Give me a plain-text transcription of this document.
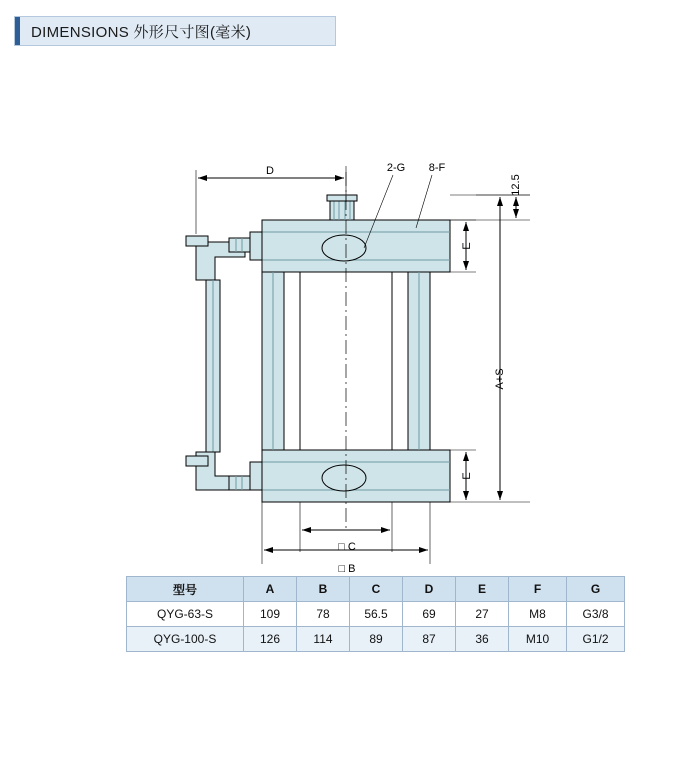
DIMENSIONS 外形尺寸图(毫米)
D	2-G 8-F
12.5
E
E
A+S
□ C
□ B
型号	A	B	C	D	E	F	G
QYG-63-S	109	78	56.5	69	27	M8	G3/8
QYG-100-S	126	114	89	87	36	M10	G1/2
